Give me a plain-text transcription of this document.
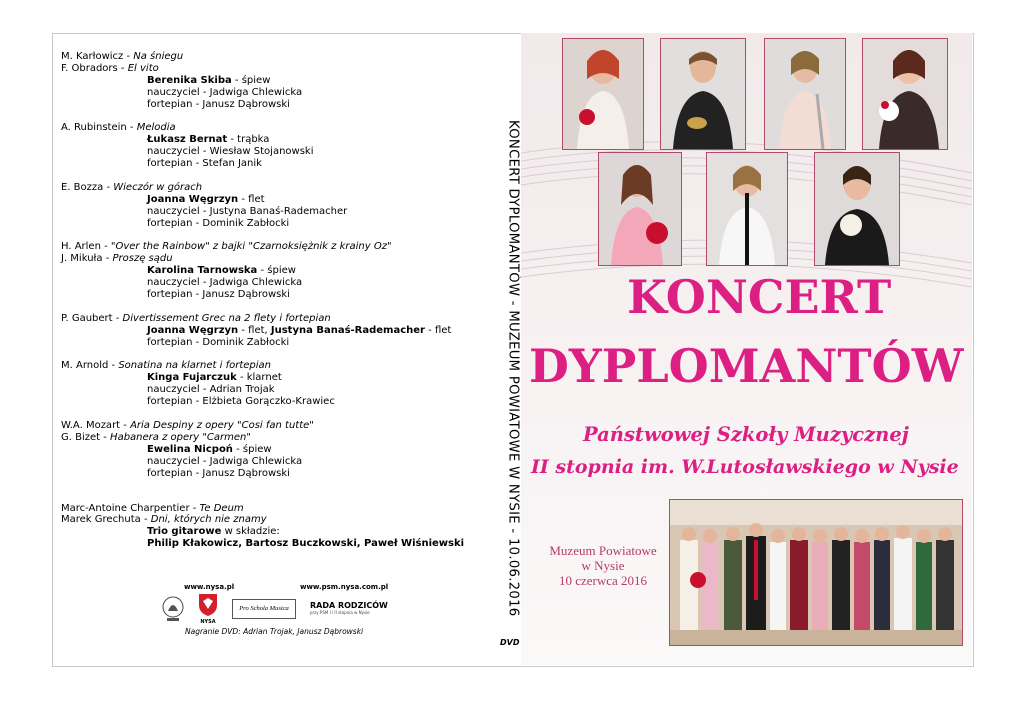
M. Karłowicz - Na śniegu
F. Obradors - El vito
Berenika Skiba - śpiew
nauczyciel - Jadwiga Chlewicka
fortepian - Janusz Dąbrowski
A. Rubinstein - Melodia
Łukasz Bernat - trąbka
nauczyciel - Wiesław Stojanowski
fortepian - Stefan Janik
E. Bozza - Wieczór w górach
Joanna Węgrzyn - flet
nauczyciel - Justyna Banaś-Rademacher
fortepian - Dominik Zabłocki
H. Arlen - "Over the Rainbow" z bajki "Czarnoksiężnik z krainy Oz"
J. Mikuła - Proszę sądu
Karolina Tarnowska - śpiew
nauczyciel - Jadwiga Chlewicka
fortepian - Janusz Dąbrowski
P. Gaubert - Divertissement Grec na 2 flety i fortepian
Joanna Węgrzyn - flet, Justyna Banaś-Rademacher - flet
fortepian - Dominik Zabłocki
M. Arnold - Sonatina na klarnet i fortepian
Kinga Fujarczuk - klarnet
nauczyciel - Adrian Trojak
fortepian - Elżbieta Gorączko-Krawiec
W.A. Mozart - Aria Despiny z opery "Cosi fan tutte"
G. Bizet - Habanera z opery "Carmen"
Ewelina Nicpoń - śpiew
nauczyciel - Jadwiga Chlewicka
fortepian - Janusz Dąbrowski
Marc-Antoine Charpentier - Te Deum
Marek Grechuta - Dni, których nie znamy
Trio gitarowe w składzie:
Philip Kłakowicz, Bartosz Buczkowski, Paweł Wiśniewski
www.nysa.pl	www.psm.nysa.com.pl
NYSA
Pro Schola Musica	RADA RODZICÓW
przy PSM I i II stopnia w Nysie
Nagranie DVD: Adrian Trojak, Janusz Dąbrowski
KONCERT DYPLOMANTÓW - MUZEUM POWIATOWE W NYSIE - 10.06.2016
DVD
KONCERT
DYPLOMANTÓW
Państwowej Szkoły Muzycznej
II stopnia im. W.Lutosławskiego w Nysie
Muzeum Powiatowe
w Nysie
10 czerwca 2016
